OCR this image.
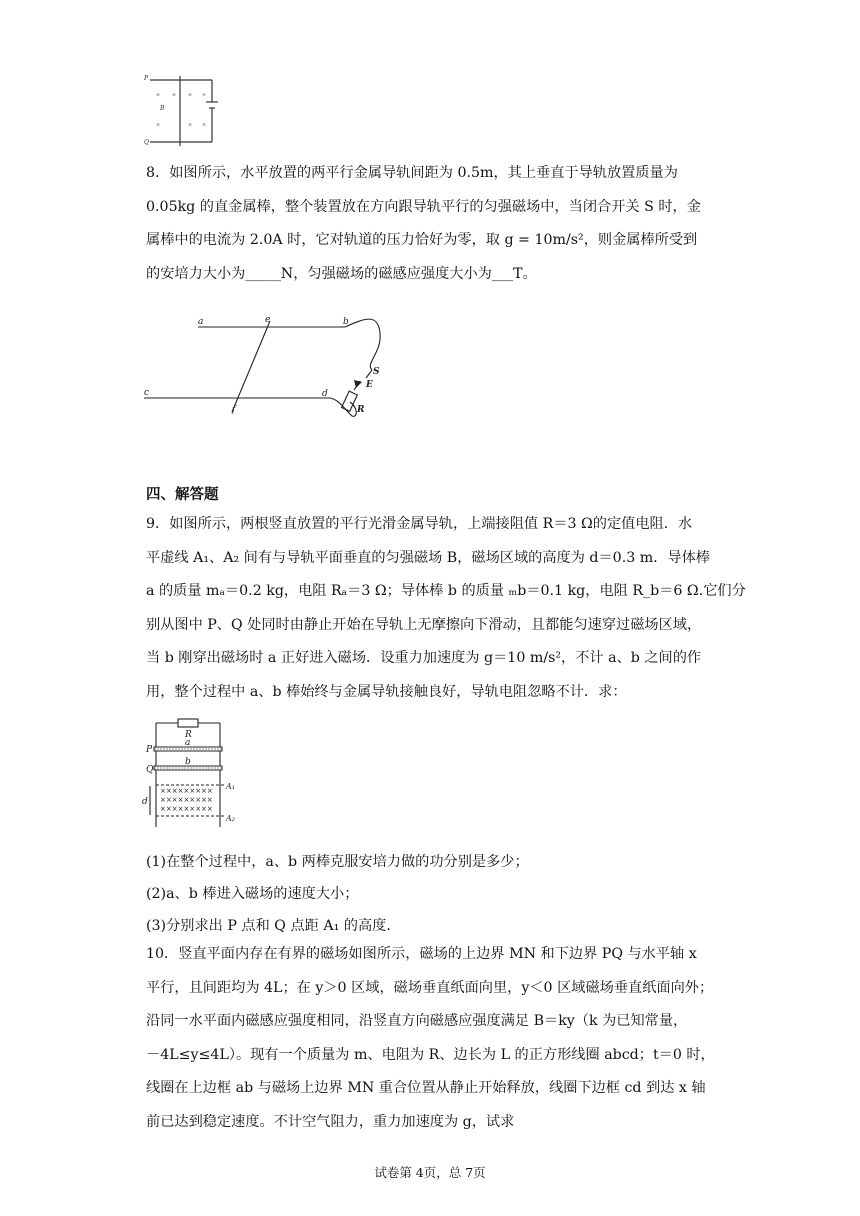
× × × ×
×	× ×
P
Q
B
8．如图所示，水平放置的两平行金属导轨间距为 0.5m，其上垂直于导轨放置质量为
0.05kg 的直金属棒，整个装置放在方向跟导轨平行的匀强磁场中，当闭合开关 S 时，金
属棒中的电流为 2.0A 时，它对轨道的压力恰好为零，取 g = 10m/s²，则金属棒所受到
的安培力大小为_____N，匀强磁场的磁感应强度大小为___T。
a	e	b
c
f
d
S
E
R
四、解答题
9．如图所示，两根竖直放置的平行光滑金属导轨，上端接阻值 R＝3 Ω的定值电阻．水
平虚线 A₁、A₂ 间有与导轨平面垂直的匀强磁场 B，磁场区域的高度为 d＝0.3 m．导体棒
a 的质量 mₐ＝0.2 kg，电阻 Rₐ＝3 Ω；导体棒 b 的质量 ₘb＝0.1 kg，电阻 R_b＝6 Ω.它们分
别从图中 P、Q 处同时由静止开始在导轨上无摩擦向下滑动，且都能匀速穿过磁场区域，
当 b 刚穿出磁场时 a 正好进入磁场．设重力加速度为 g＝10 m/s²，不计 a、b 之间的作
用，整个过程中 a、b 棒始终与金属导轨接触良好，导轨电阻忽略不计．求：
×××××××××
×××××××××
×××××××××
R
a
P
b
Q
d
A₁
A₂
(1)在整个过程中，a、b 两棒克服安培力做的功分别是多少；
(2)a、b 棒进入磁场的速度大小；
(3)分别求出 P 点和 Q 点距 A₁ 的高度．
10．竖直平面内存在有界的磁场如图所示，磁场的上边界 MN 和下边界 PQ 与水平轴 x
平行，且间距均为 4L；在 y＞0 区域，磁场垂直纸面向里，y＜0 区域磁场垂直纸面向外；
沿同一水平面内磁感应强度相同，沿竖直方向磁感应强度满足 B＝ky（k 为已知常量，
－4L≤y≤4L）。现有一个质量为 m、电阻为 R、边长为 L 的正方形线圈 abcd；t＝0 时，
线圈在上边框 ab 与磁场上边界 MN 重合位置从静止开始释放，线圈下边框 cd 到达 x 轴
前已达到稳定速度。不计空气阻力，重力加速度为 g，试求
试卷第 4页，总 7页
